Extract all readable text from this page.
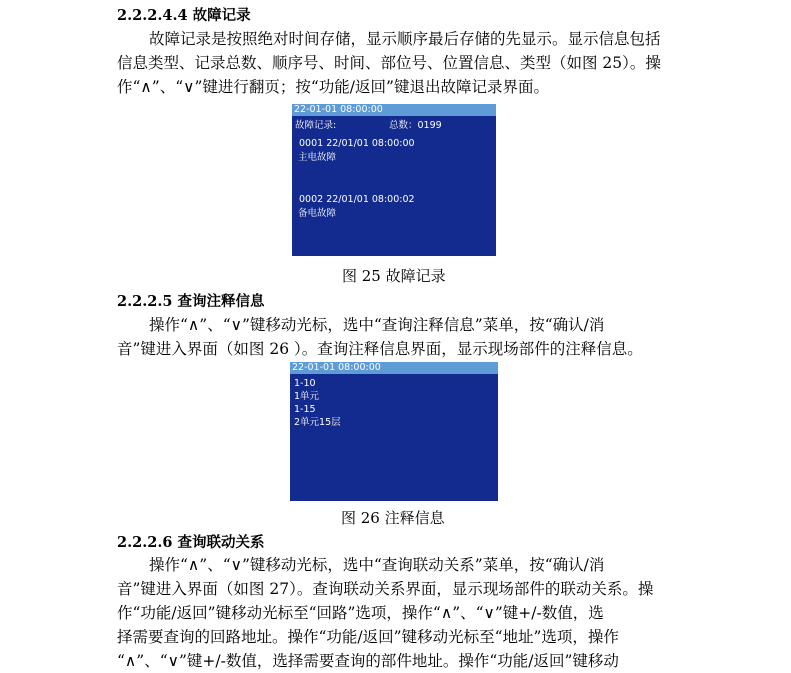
2.2.2.4.4 故障记录
故障记录是按照绝对时间存储，显示顺序最后存储的先显示。显示信息包括
信息类型、记录总数、顺序号、时间、部位号、位置信息、类型（如图 25）。操
作“∧”、“∨”键进行翻页；按“功能/返回”键退出故障记录界面。
22-01-01 08:00:00
故障记录:	总数：0199
0001 22/01/01 08:00:00
主电故障
0002 22/01/01 08:00:02
备电故障
图 25 故障记录
2.2.2.5 查询注释信息
操作“∧”、“∨”键移动光标，选中“查询注释信息”菜单，按“确认/消
音”键进入界面（如图 26 ）。查询注释信息界面，显示现场部件的注释信息。
22-01-01 08:00:00
1-10
1单元
1-15
2单元15层
图 26 注释信息
2.2.2.6 查询联动关系
操作“∧”、“∨”键移动光标，选中“查询联动关系”菜单，按“确认/消
音”键进入界面（如图 27）。查询联动关系界面，显示现场部件的联动关系。操
作“功能/返回”键移动光标至“回路”选项，操作“∧”、“∨”键+/-数值，选
择需要查询的回路地址。操作“功能/返回”键移动光标至“地址”选项，操作
“∧”、“∨”键+/-数值，选择需要查询的部件地址。操作“功能/返回”键移动
